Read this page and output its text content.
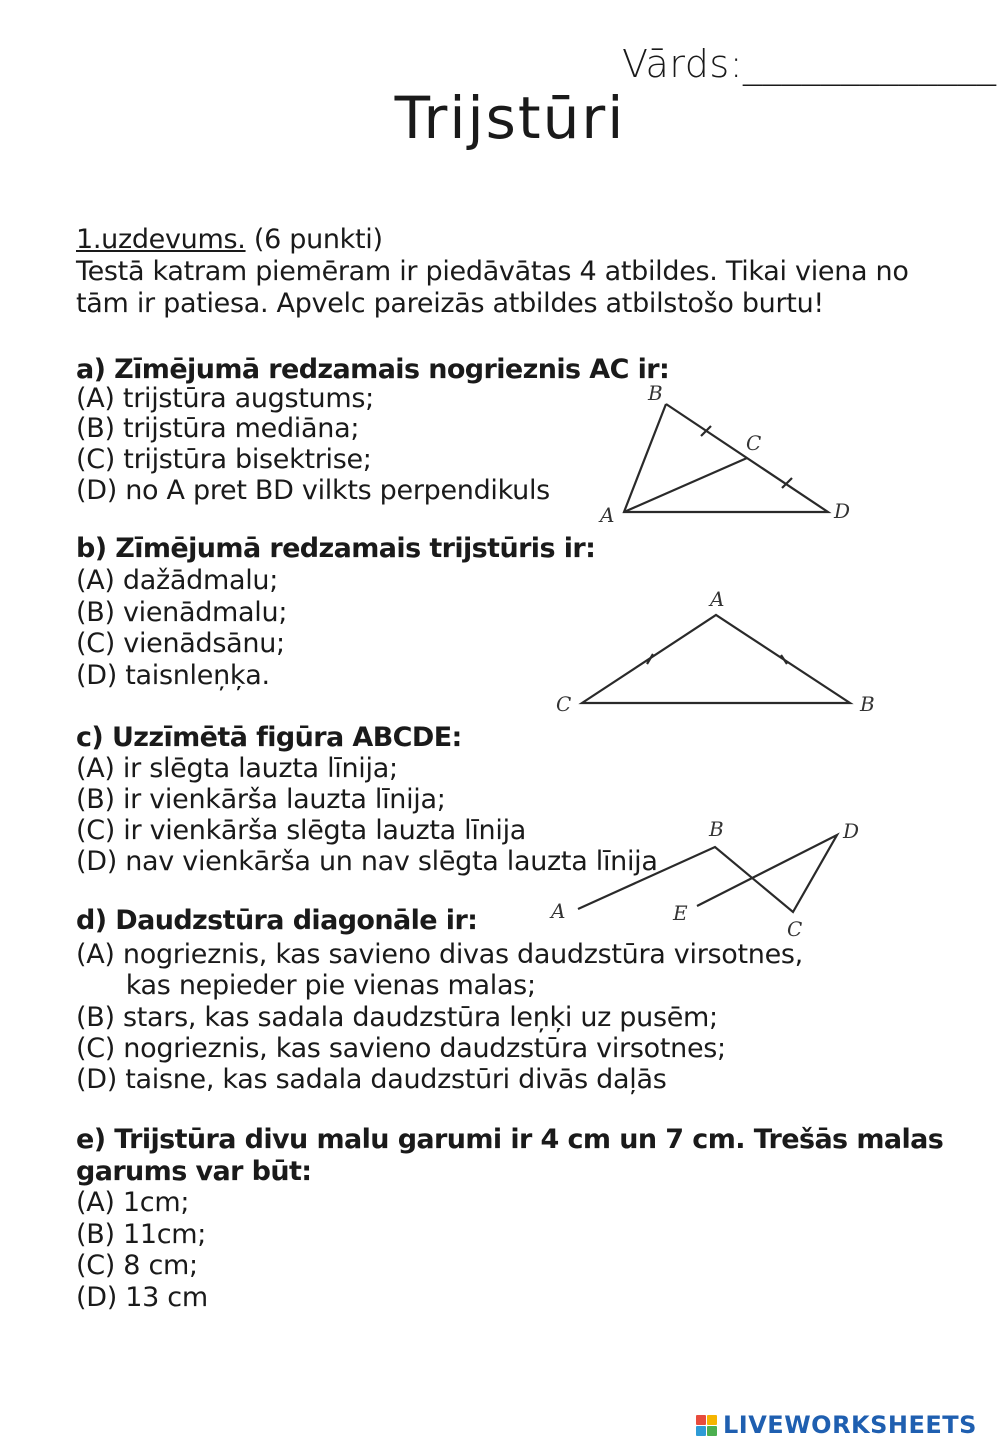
Vārds:_____________
Trijstūri
1.uzdevums. (6 punkti)
Testā katram piemēram ir piedāvātas 4 atbildes. Tikai viena no
tām ir patiesa. Apvelc pareizās atbildes atbilstošo burtu!
a) Zīmējumā redzamais nogrieznis AC ir:
(A) trijstūra augstums;
(B) trijstūra mediāna;
(C) trijstūra bisektrise;
(D) no A pret BD vilkts perpendikuls
B
C
A	D
b) Zīmējumā redzamais trijstūris ir:
(A) dažādmalu;
(B) vienādmalu;
(C) vienādsānu;
(D) taisnleņķa.
A
C	B
c) Uzzīmētā figūra ABCDE:
(A) ir slēgta lauzta līnija;
(B) ir vienkārša lauzta līnija;
(C) ir vienkārša slēgta lauzta līnija
(D) nav vienkārša un nav slēgta lauzta līnija
B	D
A	E
C
d) Daudzstūra diagonāle ir:
(A) nogrieznis, kas savieno divas daudzstūra virsotnes,
kas nepieder pie vienas malas;
(B) stars, kas sadala daudzstūra leņķi uz pusēm;
(C) nogrieznis, kas savieno daudzstūra virsotnes;
(D) taisne, kas sadala daudzstūri divās daļās
e) Trijstūra divu malu garumi ir 4 cm un 7 cm. Trešās malas
garums var būt:
(A) 1cm;
(B) 11cm;
(C) 8 cm;
(D) 13 cm
LIVEWORKSHEETS
